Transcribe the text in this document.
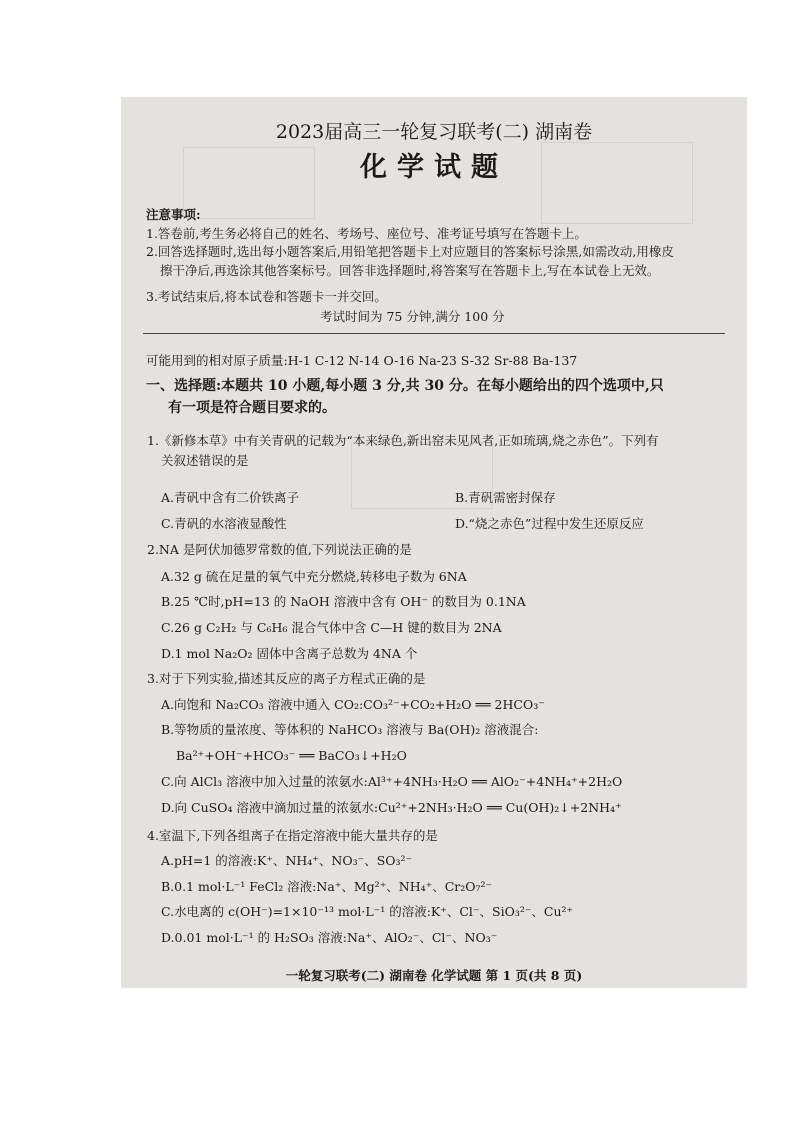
2023届高三一轮复习联考(二) 湖南卷
化学试题
注意事项:
1.答卷前,考生务必将自己的姓名、考场号、座位号、准考证号填写在答题卡上。
2.回答选择题时,选出每小题答案后,用铅笔把答题卡上对应题目的答案标号涂黑,如需改动,用橡皮
擦干净后,再选涂其他答案标号。回答非选择题时,将答案写在答题卡上,写在本试卷上无效。
3.考试结束后,将本试卷和答题卡一并交回。
考试时间为 75 分钟,满分 100 分
可能用到的相对原子质量:H-1 C-12 N-14 O-16 Na-23 S-32 Sr-88 Ba-137
一、选择题:本题共 10 小题,每小题 3 分,共 30 分。在每小题给出的四个选项中,只
有一项是符合题目要求的。
1.《新修本草》中有关青矾的记载为“本来绿色,新出窑未见风者,正如琉璃,烧之赤色”。下列有
关叙述错误的是
A.青矾中含有二价铁离子	B.青矾需密封保存
C.青矾的水溶液显酸性	D.“烧之赤色”过程中发生还原反应
2.NA 是阿伏加德罗常数的值,下列说法正确的是
A.32 g 硫在足量的氧气中充分燃烧,转移电子数为 6NA
B.25 ℃时,pH=13 的 NaOH 溶液中含有 OH⁻ 的数目为 0.1NA
C.26 g C₂H₂ 与 C₆H₆ 混合气体中含 C—H 键的数目为 2NA
D.1 mol Na₂O₂ 固体中含离子总数为 4NA 个
3.对于下列实验,描述其反应的离子方程式正确的是
A.向饱和 Na₂CO₃ 溶液中通入 CO₂:CO₃²⁻+CO₂+H₂O ══ 2HCO₃⁻
B.等物质的量浓度、等体积的 NaHCO₃ 溶液与 Ba(OH)₂ 溶液混合:
Ba²⁺+OH⁻+HCO₃⁻ ══ BaCO₃↓+H₂O
C.向 AlCl₃ 溶液中加入过量的浓氨水:Al³⁺+4NH₃·H₂O ══ AlO₂⁻+4NH₄⁺+2H₂O
D.向 CuSO₄ 溶液中滴加过量的浓氨水:Cu²⁺+2NH₃·H₂O ══ Cu(OH)₂↓+2NH₄⁺
4.室温下,下列各组离子在指定溶液中能大量共存的是
A.pH=1 的溶液:K⁺、NH₄⁺、NO₃⁻、SO₃²⁻
B.0.1 mol·L⁻¹ FeCl₂ 溶液:Na⁺、Mg²⁺、NH₄⁺、Cr₂O₇²⁻
C.水电离的 c(OH⁻)=1×10⁻¹³ mol·L⁻¹ 的溶液:K⁺、Cl⁻、SiO₃²⁻、Cu²⁺
D.0.01 mol·L⁻¹ 的 H₂SO₃ 溶液:Na⁺、AlO₂⁻、Cl⁻、NO₃⁻
一轮复习联考(二) 湖南卷 化学试题 第 1 页(共 8 页)
